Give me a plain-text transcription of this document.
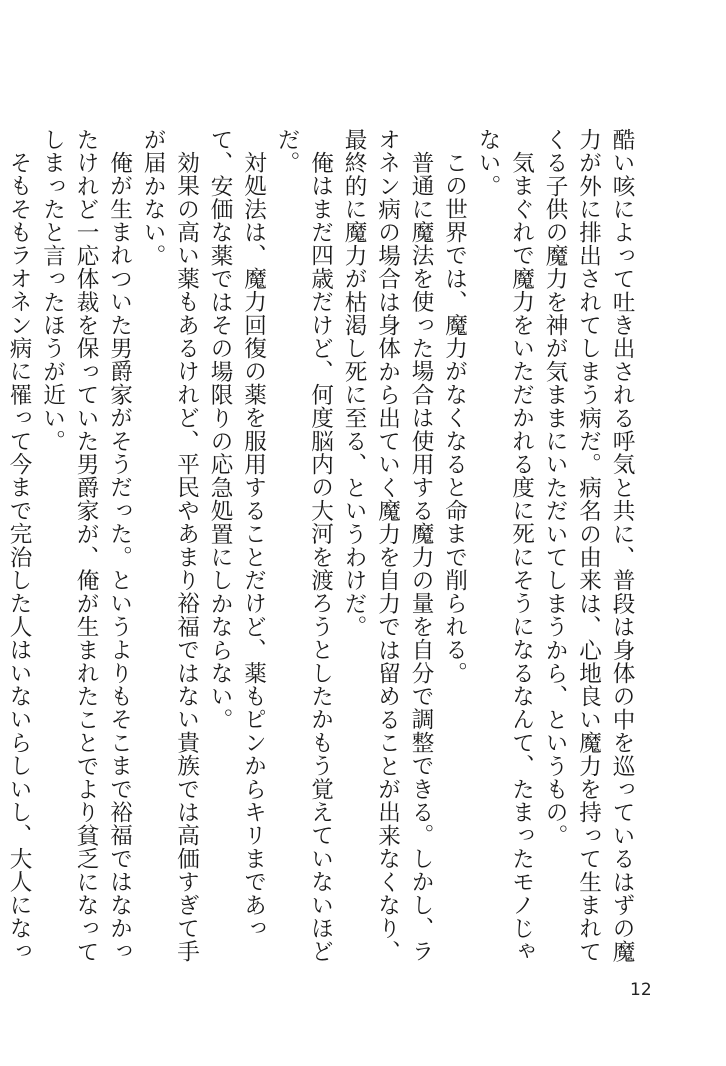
酷い咳によって吐き出される呼気と共に、普段は身体の中を巡っているはずの魔力が外に排出されてしまう病だ。病名の由来は、心地良い魔力を持って生まれてくる子供の魔力を神が気ままにいただいてしまうから、というもの。

気まぐれで魔力をいただかれる度に死にそうになるなんて、たまったモノじゃない。

この世界では、魔力がなくなると命まで削られる。

普通に魔法を使った場合は使用する魔力の量を自分で調整できる。しかし、ラオネン病の場合は身体から出ていく魔力を自力では留めることが出来なくなり、最終的に魔力が枯渇し死に至る、というわけだ。

俺はまだ四歳だけど、何度脳内の大河を渡ろうとしたかもう覚えていないほどだ。

対処法は、魔力回復の薬を服用することだけど、薬もピンからキリまであって、安価な薬ではその場限りの応急処置にしかならない。

効果の高い薬もあるけれど、平民やあまり裕福ではない貴族では高価すぎて手が届かない。

俺が生まれついた男爵家がそうだった。というよりもそこまで裕福ではなかったけれど一応体裁を保っていた男爵家が、俺が生まれたことでより貧乏になってしまったと言ったほうが近い。

そもそもラオネン病に罹って今まで完治した人はいないらしいし、大人になっ

12
